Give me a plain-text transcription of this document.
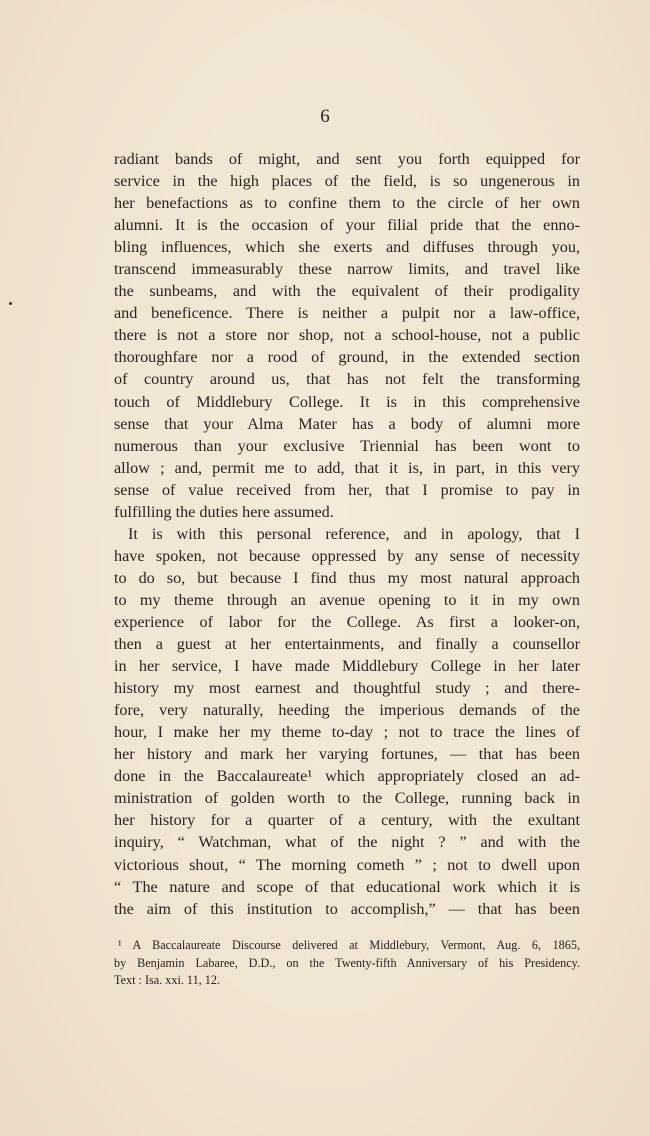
6
radiant bands of might, and sent you forth equipped for
service in the high places of the field, is so ungenerous in
her benefactions as to confine them to the circle of her own
alumni. It is the occasion of your filial pride that the enno-
bling influences, which she exerts and diffuses through you,
transcend immeasurably these narrow limits, and travel like
the sunbeams, and with the equivalent of their prodigality
and beneficence. There is neither a pulpit nor a law-office,
there is not a store nor shop, not a school-house, not a public
thoroughfare nor a rood of ground, in the extended section
of country around us, that has not felt the transforming
touch of Middlebury College. It is in this comprehensive
sense that your Alma Mater has a body of alumni more
numerous than your exclusive Triennial has been wont to
allow ; and, permit me to add, that it is, in part, in this very
sense of value received from her, that I promise to pay in
fulfilling the duties here assumed.
It is with this personal reference, and in apology, that I
have spoken, not because oppressed by any sense of necessity
to do so, but because I find thus my most natural approach
to my theme through an avenue opening to it in my own
experience of labor for the College. As first a looker-on,
then a guest at her entertainments, and finally a counsellor
in her service, I have made Middlebury College in her later
history my most earnest and thoughtful study ; and there-
fore, very naturally, heeding the imperious demands of the
hour, I make her my theme to-day ; not to trace the lines of
her history and mark her varying fortunes, — that has been
done in the Baccalaureate¹ which appropriately closed an ad-
ministration of golden worth to the College, running back in
her history for a quarter of a century, with the exultant
inquiry, “ Watchman, what of the night ? ” and with the
victorious shout, “ The morning cometh ” ; not to dwell upon
“ The nature and scope of that educational work which it is
the aim of this institution to accomplish,” — that has been
¹ A Baccalaureate Discourse delivered at Middlebury, Vermont, Aug. 6, 1865,
by Benjamin Labaree, D.D., on the Twenty-fifth Anniversary of his Presidency.
Text : Isa. xxi. 11, 12.
